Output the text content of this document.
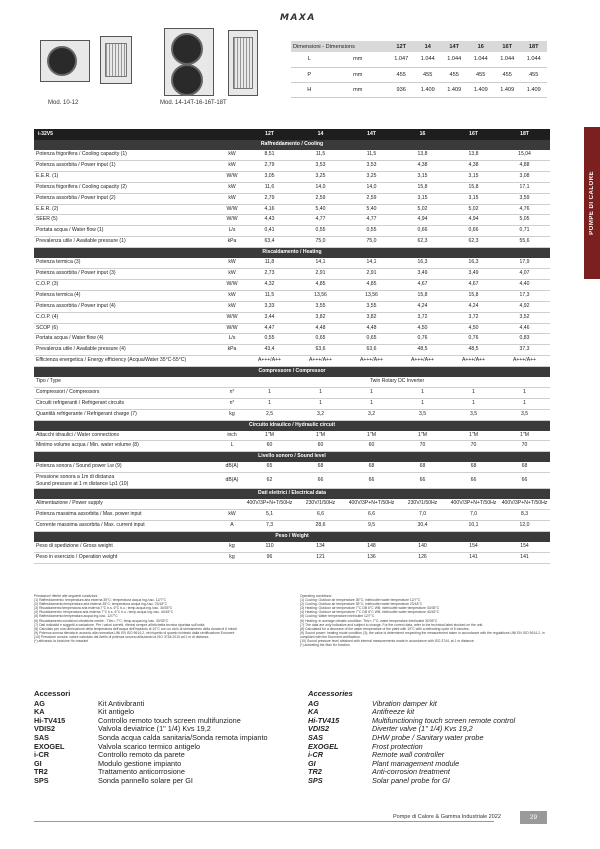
MAXA
Mod. 10-12	Mod. 14-14T-16-16T-18T
Dimensioni - Dimensions		12T	14	14T	16	16T	18T
L	mm	1.047	1.044	1.044	1.044	1.044	1.044
P	mm	455	455	455	455	455	455
H	mm	936	1.409	1.409	1.409	1.409	1.409
POMPE DI CALORE
i-32V5		12T	14	14T	16	16T	18T
Raffreddamento / Cooling							
Potenza frigorifera / Cooling capacity (1)	kW	8,51	11,5	11,5	13,8	13,8	15,04
Potenza assorbita / Power input (1)	kW	2,79	3,53	3,53	4,38	4,38	4,88
E.E.R. (1)	W/W	3,05	3,25	3,25	3,15	3,15	3,08
Potenza frigorifera / Cooling capacity (2)	kW	11,6	14,0	14,0	15,8	15,8	17,1
Potenza assorbita / Power input (2)	kW	2,79	2,59	2,59	3,15	3,15	3,59
E.E.R. (2)	W/W	4,16	5,40	5,40	5,02	5,02	4,76
SEER (5)	W/W	4,43	4,77	4,77	4,94	4,94	5,05
Portata acqua / Water flow (1)	L/s	0,41	0,55	0,55	0,66	0,66	0,71
Prevalenza utile / Available pressure (1)	kPa	63,4	75,0	75,0	62,3	62,3	55,6
Riscaldamento / Heating							
Potenza termica (3)	kW	11,8	14,1	14,1	16,3	16,3	17,9
Potenza assorbita / Power input (3)	kW	2,73	2,91	2,91	3,49	3,49	4,07
C.O.P. (3)	W/W	4,32	4,85	4,85	4,67	4,67	4,40
Potenza termica (4)	kW	11,5	13,56	13,56	15,8	15,8	17,3
Potenza assorbita / Power input (4)	kW	3,33	3,55	3,55	4,24	4,24	4,92
C.O.P. (4)	W/W	3,44	3,82	3,82	3,72	3,72	3,52
SCOP (6)	W/W	4,47	4,48	4,48	4,50	4,50	4,46
Portata acqua / Water flow (4)	L/s	0,55	0,65	0,65	0,76	0,76	0,83
Prevalenza utile / Available pressure (4)	kPa	43,4	63,6	63,6	48,5	48,5	37,3
Efficienza energetica / Energy efficiency (Acqua/Water 35°C-55°C)		A+++/A++	A+++/A++	A+++/A++	A+++/A++	A+++/A++	A+++/A++
Compressore / Compressor							
Tipo / Type		Twin Rotary DC Inverter					
Compressori / Compressors	n°	1	1	1	1	1	1
Circuiti refrigeranti / Refrigerant circuits	n°	1	1	1	1	1	1
Quantità refrigerante / Refrigerant charge (7)	kg	2,5	3,2	3,2	3,5	3,5	3,5
Circuito idraulico / Hydraulic circuit							
Attacchi idraulici / Water connections	inch	1"M	1"M	1"M	1"M	1"M	1"M
Minimo volume acqua / Min. water volume (8)	L	60	60	60	70	70	70
Livello sonoro / Sound level							
Potenza sonora / Sound power Lw (9)	dB(A)	65	68	68	68	68	68
Pressione sonora a 1m di distanza
Sound pressure at 1 m distance Lp1 (10)	dB(A)	62	66	66	66	66	66
Dati elettrici / Electrical data							
Alimentazione / Power supply		400V/3P+N+T/50Hz	230V/1/50Hz	400V/3P+N+T/50Hz	230V/1/50Hz	400V/3P+N+T/50Hz	400V/3P+N+T/50Hz
Potenza massima assorbita / Max. power input	kW	5,1	6,6	6,6	7,0	7,0	8,3
Corrente massima assorbita / Max. current input	A	7,3	28,6	9,5	30,4	10,1	12,0
Peso / Weight							
Peso di spedizione / Gross weight	kg	110	134	148	140	154	154
Peso in esercizio / Operation weight	kg	96	121	136	126	141	141
Prestazioni riferite alle seguenti condizioni:
(1) Raffreddamento: temperatura aria esterna 35°C; temperatura acqua ing./usc. 12/7°C
(2) Raffreddamento:temperatura aria esterna 35°C; temperatura acqua ing./usc. 23/18°C
(3) Riscaldamento:temperatura aria esterna 7°C b.s. 6°C b.u.; temp.acqua ing./usc. 30/35°C
(4) Riscaldamento: temperatura aria esterna 7°C b.s. 6°C b.u.; temp.acqua ing./usc. 40/45°C
(5) Raffreddamento:temperatura acqua ing./usc. 12/7°C
(6) Riscaldamento:condizioni climatiche medie - Tbiv=-7°C; temp.acqua ing./usc. 30/35°C
(7) Dati indicativi e soggetti a variazione. Per i valori corretti, riferirsi sempre all'etichetta tecnica riportata sull'unità
(8) Calcolato per una diminuzione della temperatura dell'acqua dell'impianto di 10°C con un ciclo di sbrinamento della durata di 6 minuti
(9) Potenza sonora rilevata in accordo alla normativa UNI EN ISO 9614-2, nel rispetto di quanto richiesto dalla certificazione Eurovent
(10) Pressione sonora: valore calcolato dal livello di potenza sonora utilizzando la ISO 3744:2010 ad 1 m di distanza
(*) attivando la funzione Hz massimi
Operating conditions:
(1) Cooling: Outdoor air temperature 35°C; inlet/outlet water temperature 12/7°C
(2) Cooling: Outdoor air temperature 35°C; inlet/outlet water temperature 23/18°C
(3) Heating: Outdoor air temperature 7°C DB 6°C WB; inlet/outlet water temperature 30/35°C
(4) Heating: Outdoor air temperature 7°C DB 6°C WB; inlet/outlet water temperature 40/45°C
(5) Cooling: Water temperature inlet/outlet 12/7°C
(6) Heating: in average climatic condition: Tbiv=-7°C; water temperature inlet/outlet 30/35°C
(7) The data are only indicative and subject to change. For the correct data, refer to the technical label stocked on the unit.
(8) Calculated for a decrease of the water temperature of the plant with 10°C with a defrosting cycle of 6 minutes.
(9) Sound power: heating mode condition (3); the value is determined respecting the measurement taken in accordance with the regulations UNI EN ISO 9614-2, in compliant with the Eurovent certification.
(10) Sound pressure level obtained with internal measurements made in accordance with ISO 3744, at 1 m distance.
(*) activating the Max Hz function
Accessori
AG	Kit Antivibranti
KA	Kit antigelo
Hi-TV415	Controllo remoto touch screen multifunzione
VDIS2	Valvola deviatrice (1" 1/4) Kvs 19,2
SAS	Sonda acqua calda sanitaria/Sonda remota impianto
EXOGEL	Valvola scarico termico antigelo
i-CR	Controllo remoto da parete
GI	Modulo gestione impianto
TR2	Trattamento anticorrosione
SPS	Sonda pannello solare per GI
Accessories
AG	Vibration damper kit
KA	Antifreeze kit
Hi-TV415	Multifunctioning touch screen remote control
VDIS2	Diverter valve (1" 1/4) Kvs 19,2
SAS	DHW probe / Sanitary water probe
EXOGEL	Frost protection
i-CR	Remote wall controller
GI	Plant management module
TR2	Anti-corrosion treatment
SPS	Solar panel probe for GI
Pompe di Calore & Gamma Industriale 2022	29
